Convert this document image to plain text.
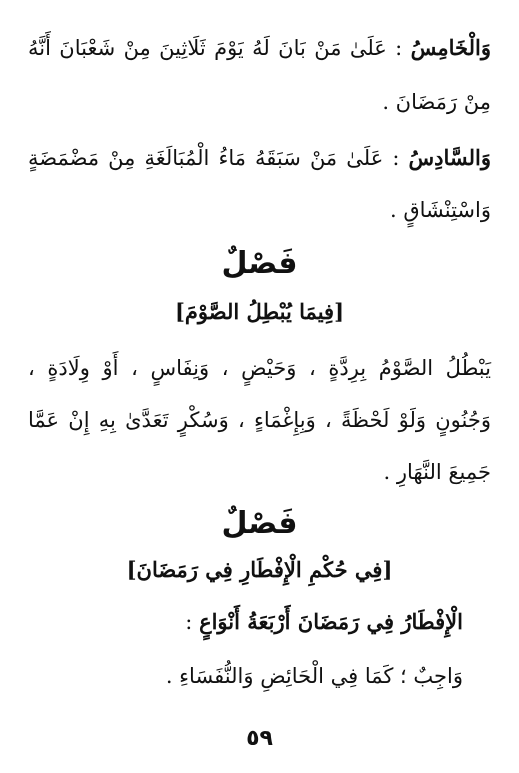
وَالْخَامِسُ : عَلَىٰ مَنْ بَانَ لَهُ يَوْمَ ثَلَاثِينَ مِنْ شَعْبَانَ أَنَّهُ
مِنْ رَمَضَانَ .
وَالسَّادِسُ : عَلَىٰ مَنْ سَبَقَهُ مَاءُ الْمُبَالَغَةِ مِنْ مَضْمَضَةٍ
وَاسْتِنْشَاقٍ .
فَصْلٌ
[فِيمَا يُبْطِلُ الصَّوْمَ]
يَبْطُلُ الصَّوْمُ بِرِدَّةٍ ، وَحَيْضٍ ، وَنِفَاسٍ ، أَوْ وِلَادَةٍ ،
وَجُنُونٍ وَلَوْ لَحْظَةً ، وَبِإِغْمَاءٍ ، وَسُكْرٍ تَعَدَّىٰ بِهِ إِنْ عَمَّا
جَمِيعَ النَّهَارِ .
فَصْلٌ
[فِي حُكْمِ الْإِفْطَارِ فِي رَمَضَانَ]
الْإِفْطَارُ فِي رَمَضَانَ أَرْبَعَةُ أَنْوَاعٍ :
وَاجِبٌ ؛ كَمَا فِي الْحَائِضِ وَالنُّفَسَاءِ .
٥٩
